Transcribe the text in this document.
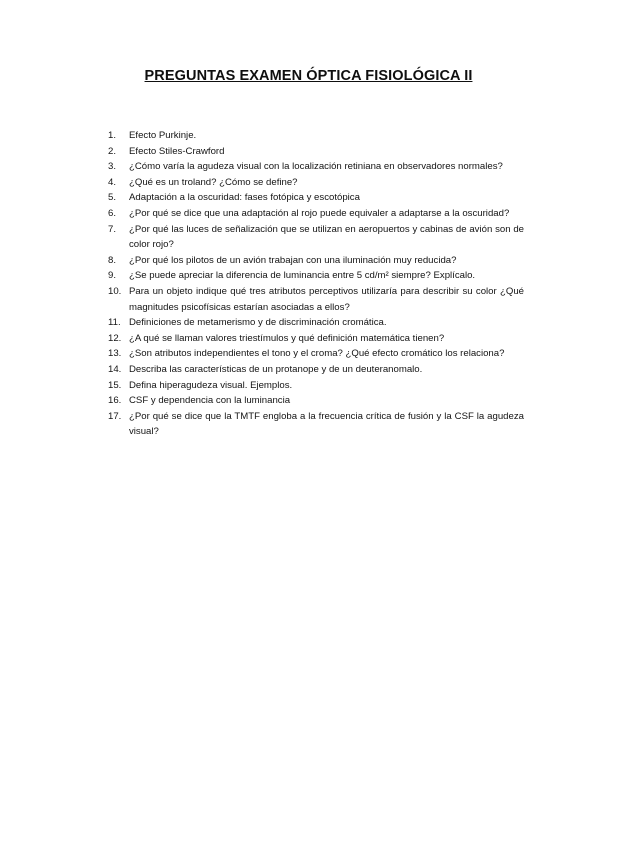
PREGUNTAS EXAMEN ÓPTICA FISIOLÓGICA II
1.	Efecto Purkinje.
2.	Efecto Stiles-Crawford
3.	¿Cómo varía la agudeza visual con la localización retiniana en observadores normales?
4.	¿Qué es un troland? ¿Cómo se define?
5.	Adaptación a la oscuridad: fases fotópica y escotópica
6.	¿Por qué se dice que una adaptación al rojo puede equivaler a adaptarse a la oscuridad?
7.	¿Por qué las luces de señalización que se utilizan en aeropuertos y cabinas de avión son de color rojo?
8.	¿Por qué los pilotos de un avión trabajan con una iluminación muy reducida?
9.	¿Se puede apreciar la diferencia de luminancia entre 5 cd/m² siempre? Explícalo.
10. Para un objeto indique qué tres atributos perceptivos utilizaría para describir su color ¿Qué magnitudes psicofísicas estarían asociadas a ellos?
11. Definiciones de metamerismo y de discriminación cromática.
12. ¿A qué se llaman valores triestímulos y qué definición matemática tienen?
13. ¿Son atributos independientes el tono y el croma? ¿Qué efecto cromático los relaciona?
14. Describa las características de un protanope y de un deuteranomalo.
15. Defina hiperagudeza visual. Ejemplos.
16. CSF y dependencia con la luminancia
17. ¿Por qué se dice que la TMTF engloba a la frecuencia crítica de fusión y la CSF la agudeza visual?
